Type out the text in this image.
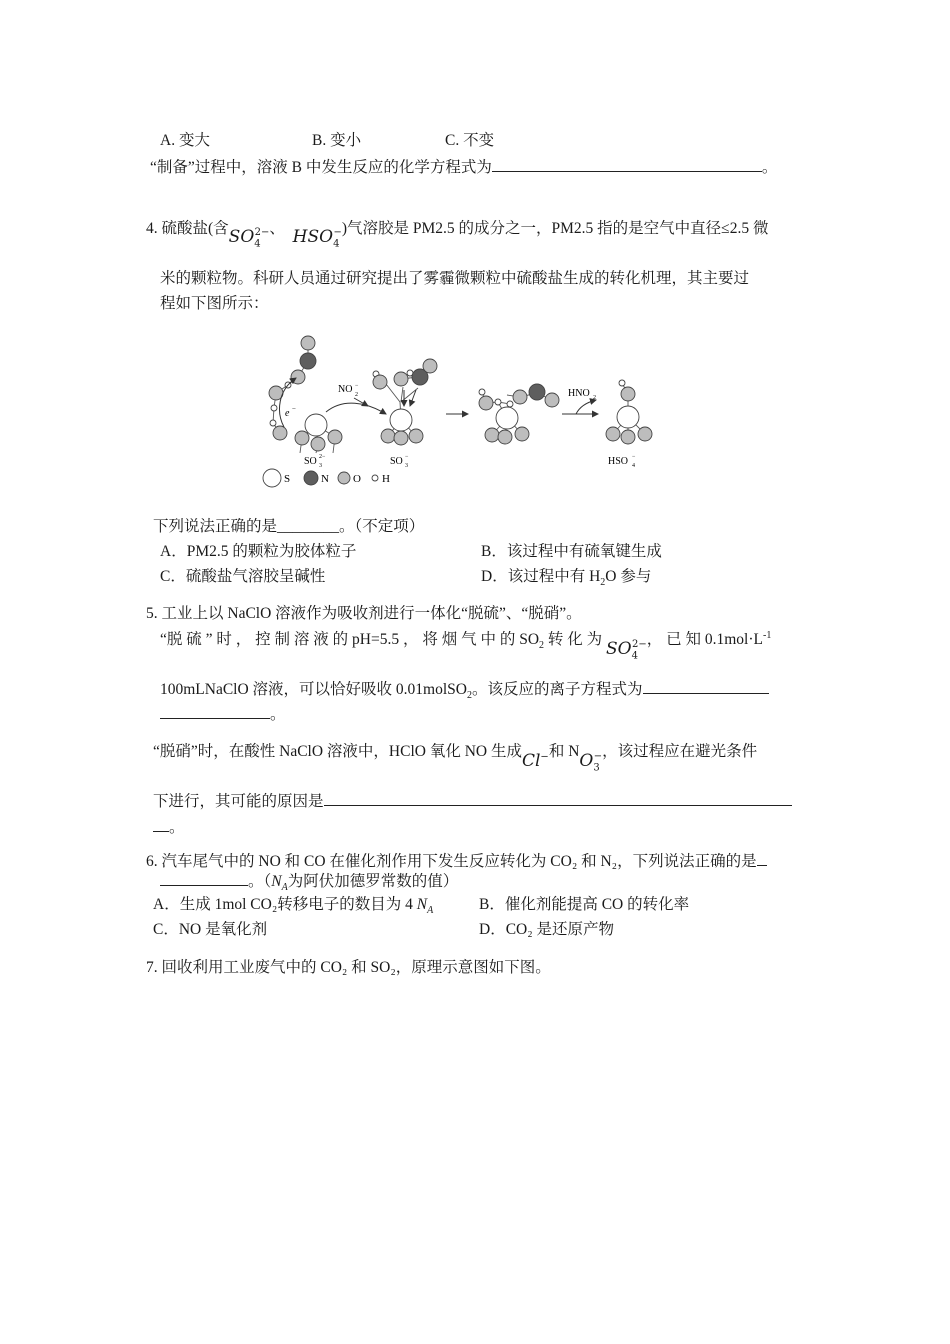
A. 变大	B. 变小	C. 不变
“制备”过程中，溶液 B 中发生反应的化学方程式为	。
4. 硫酸盐(含$SO_4^{2-}$、 $HSO_4^-$)气溶胶是 PM2.5 的成分之一，PM2.5 指的是空气中直径≤2.5 微
米的颗粒物。科研人员通过研究提出了雾霾微颗粒中硫酸盐生成的转化机理，其主要过
程如下图所示：
e −
SO 3
2−
NO 2
−
SO 3
−
HNO 2
HSO 4
−
S	N O H
下列说法正确的是________。（不定项）
A．PM2.5 的颗粒为胶体粒子	B．该过程中有硫氧键生成
C．硫酸盐气溶胶呈碱性	D．该过程中有 $H_2O$ 参与
5. 工业上以 NaClO 溶液作为吸收剂进行一体化“脱硫”、“脱硝”。
“脱 硫 ” 时 ， 控 制 溶 液 的 pH=5.5 ， 将 烟 气 中 的 $SO_2$ 转 化 为 $SO_4^{2-}$， 已 知 $0.1mol\cdot L^{-1}$
100mLNaClO 溶液，可以恰好吸收 0.01molSO$_2$。该反应的离子方程式为
。
“脱硝”时，在酸性 NaClO 溶液中，HClO 氧化 NO 生成Cl−和 $NO_3^-$，该过程应在避光条件
下进行，其可能的原因是
。
6. 汽车尾气中的 NO 和 CO 在催化剂作用下发生反应转化为 CO₂ 和 N₂，下列说法正确的是
。（$N_A$为阿伏加德罗常数的值）
A．生成 1mol CO₂转移电子的数目为 4 $N_A$	B．催化剂能提高 CO 的转化率
C．NO 是氧化剂	D．CO₂ 是还原产物
7. 回收利用工业废气中的 CO₂ 和 SO₂，原理示意图如下图。
